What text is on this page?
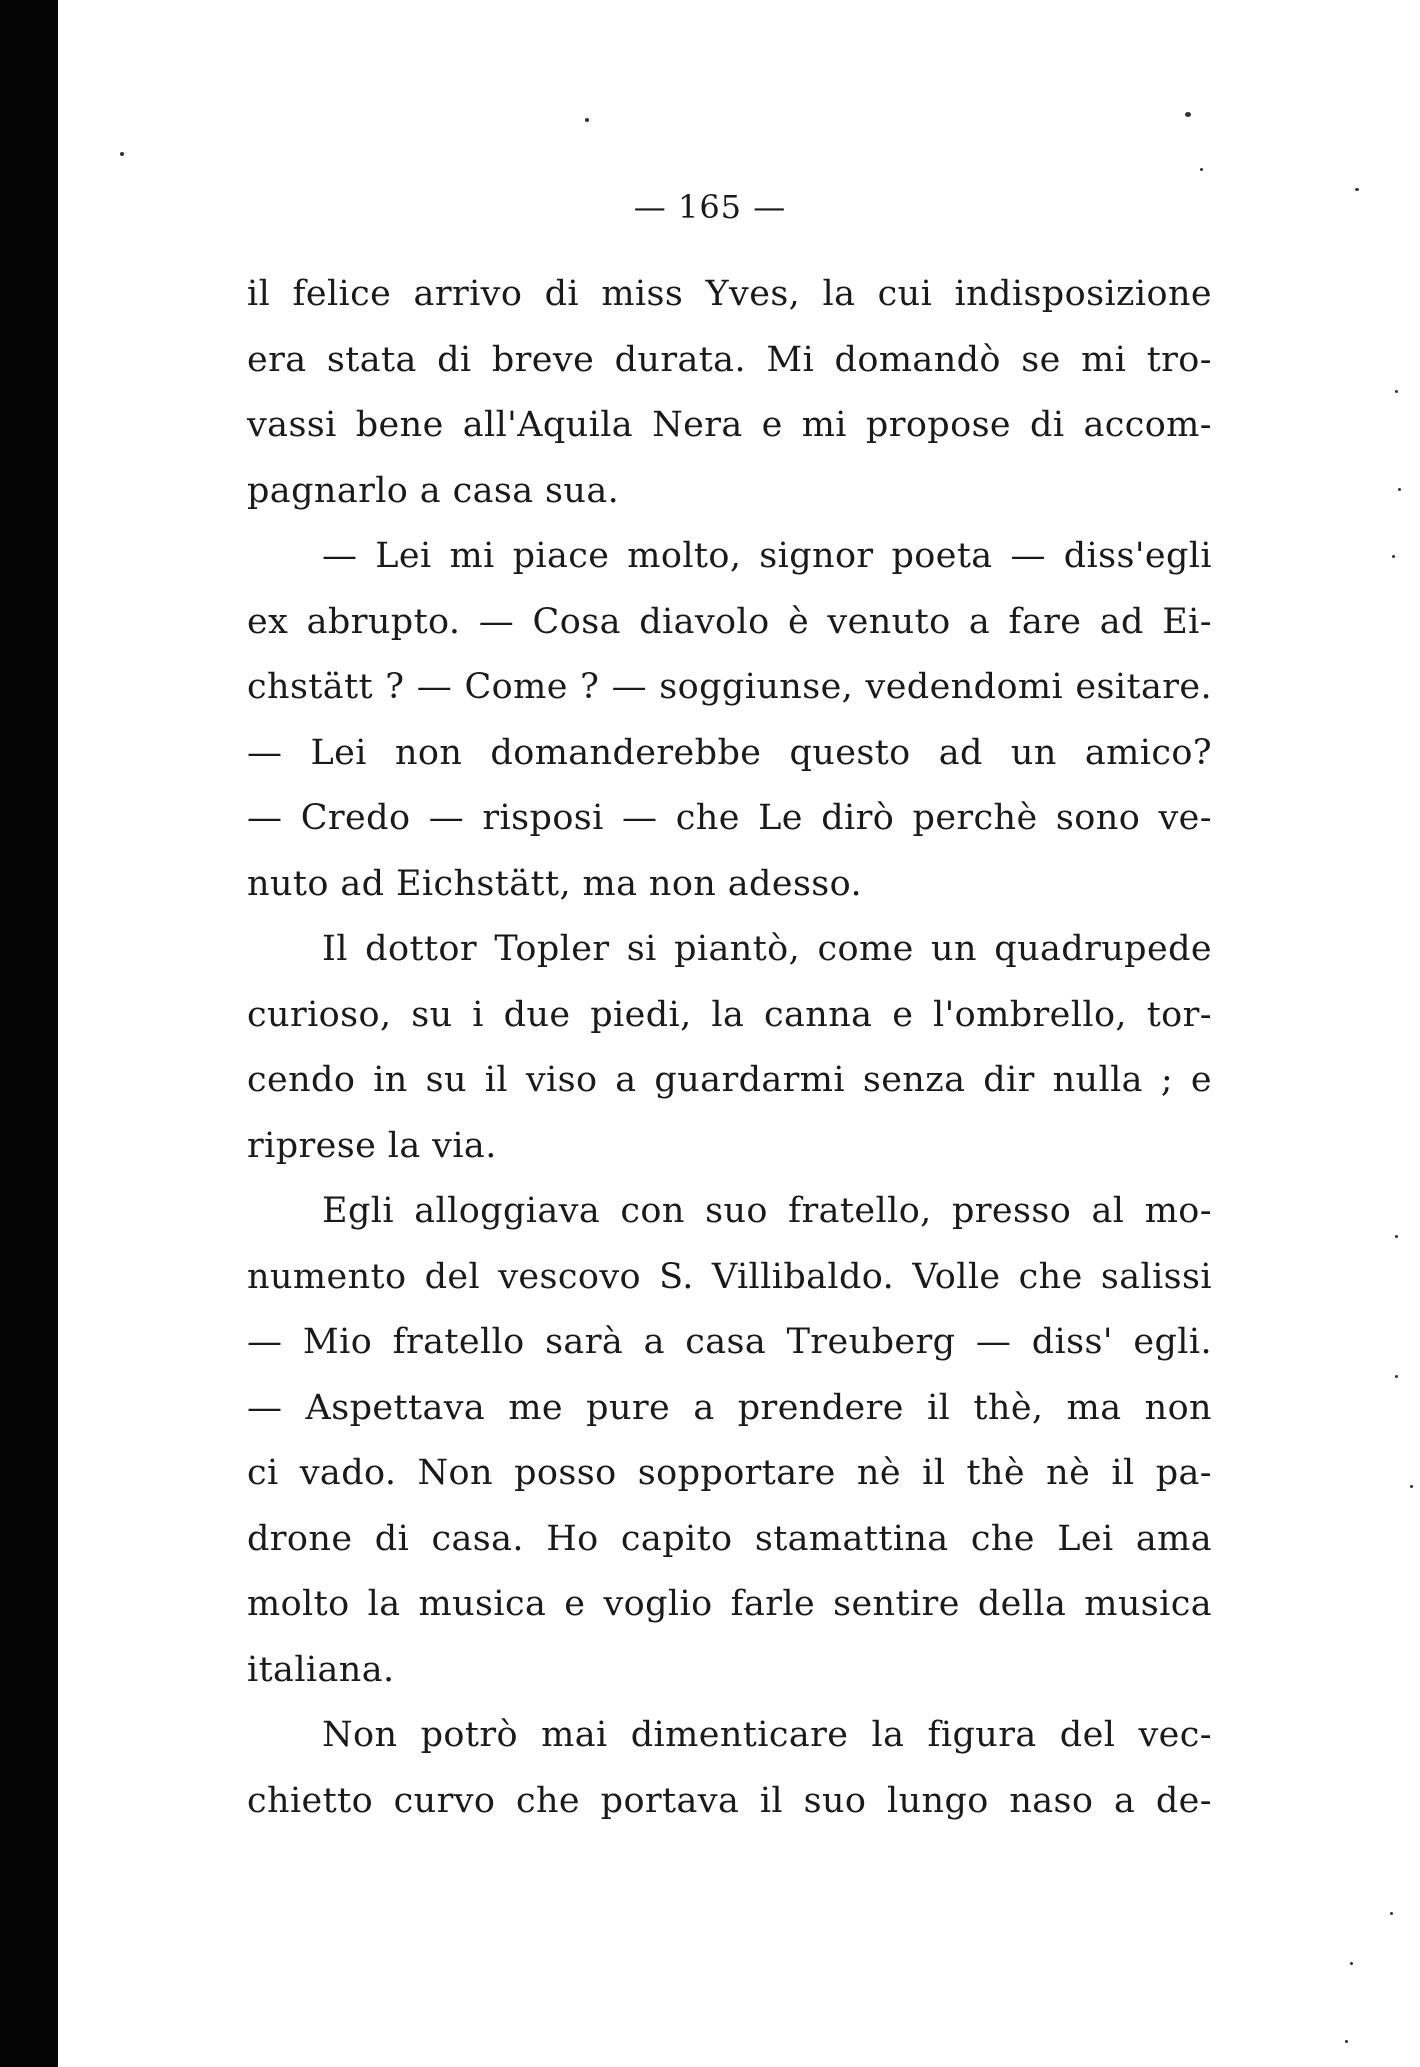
— 165 —
il felice arrivo di miss Yves, la cui indisposizione
era stata di breve durata. Mi domandò se mi tro-
vassi bene all'Aquila Nera e mi propose di accom-
pagnarlo a casa sua.
— Lei mi piace molto, signor poeta — diss'egli
ex abrupto. — Cosa diavolo è venuto a fare ad Ei-
chstätt ? — Come ? — soggiunse, vedendomi esitare.
— Lei non domanderebbe questo ad un amico?
— Credo — risposi — che Le dirò perchè sono ve-
nuto ad Eichstätt, ma non adesso.
Il dottor Topler si piantò, come un quadrupede
curioso, su i due piedi, la canna e l'ombrello, tor-
cendo in su il viso a guardarmi senza dir nulla ; e
riprese la via.
Egli alloggiava con suo fratello, presso al mo-
numento del vescovo S. Villibaldo. Volle che salissi
— Mio fratello sarà a casa Treuberg — diss' egli.
— Aspettava me pure a prendere il thè, ma non
ci vado. Non posso sopportare nè il thè nè il pa-
drone di casa. Ho capito stamattina che Lei ama
molto la musica e voglio farle sentire della musica
italiana.
Non potrò mai dimenticare la figura del vec-
chietto curvo che portava il suo lungo naso a de-
